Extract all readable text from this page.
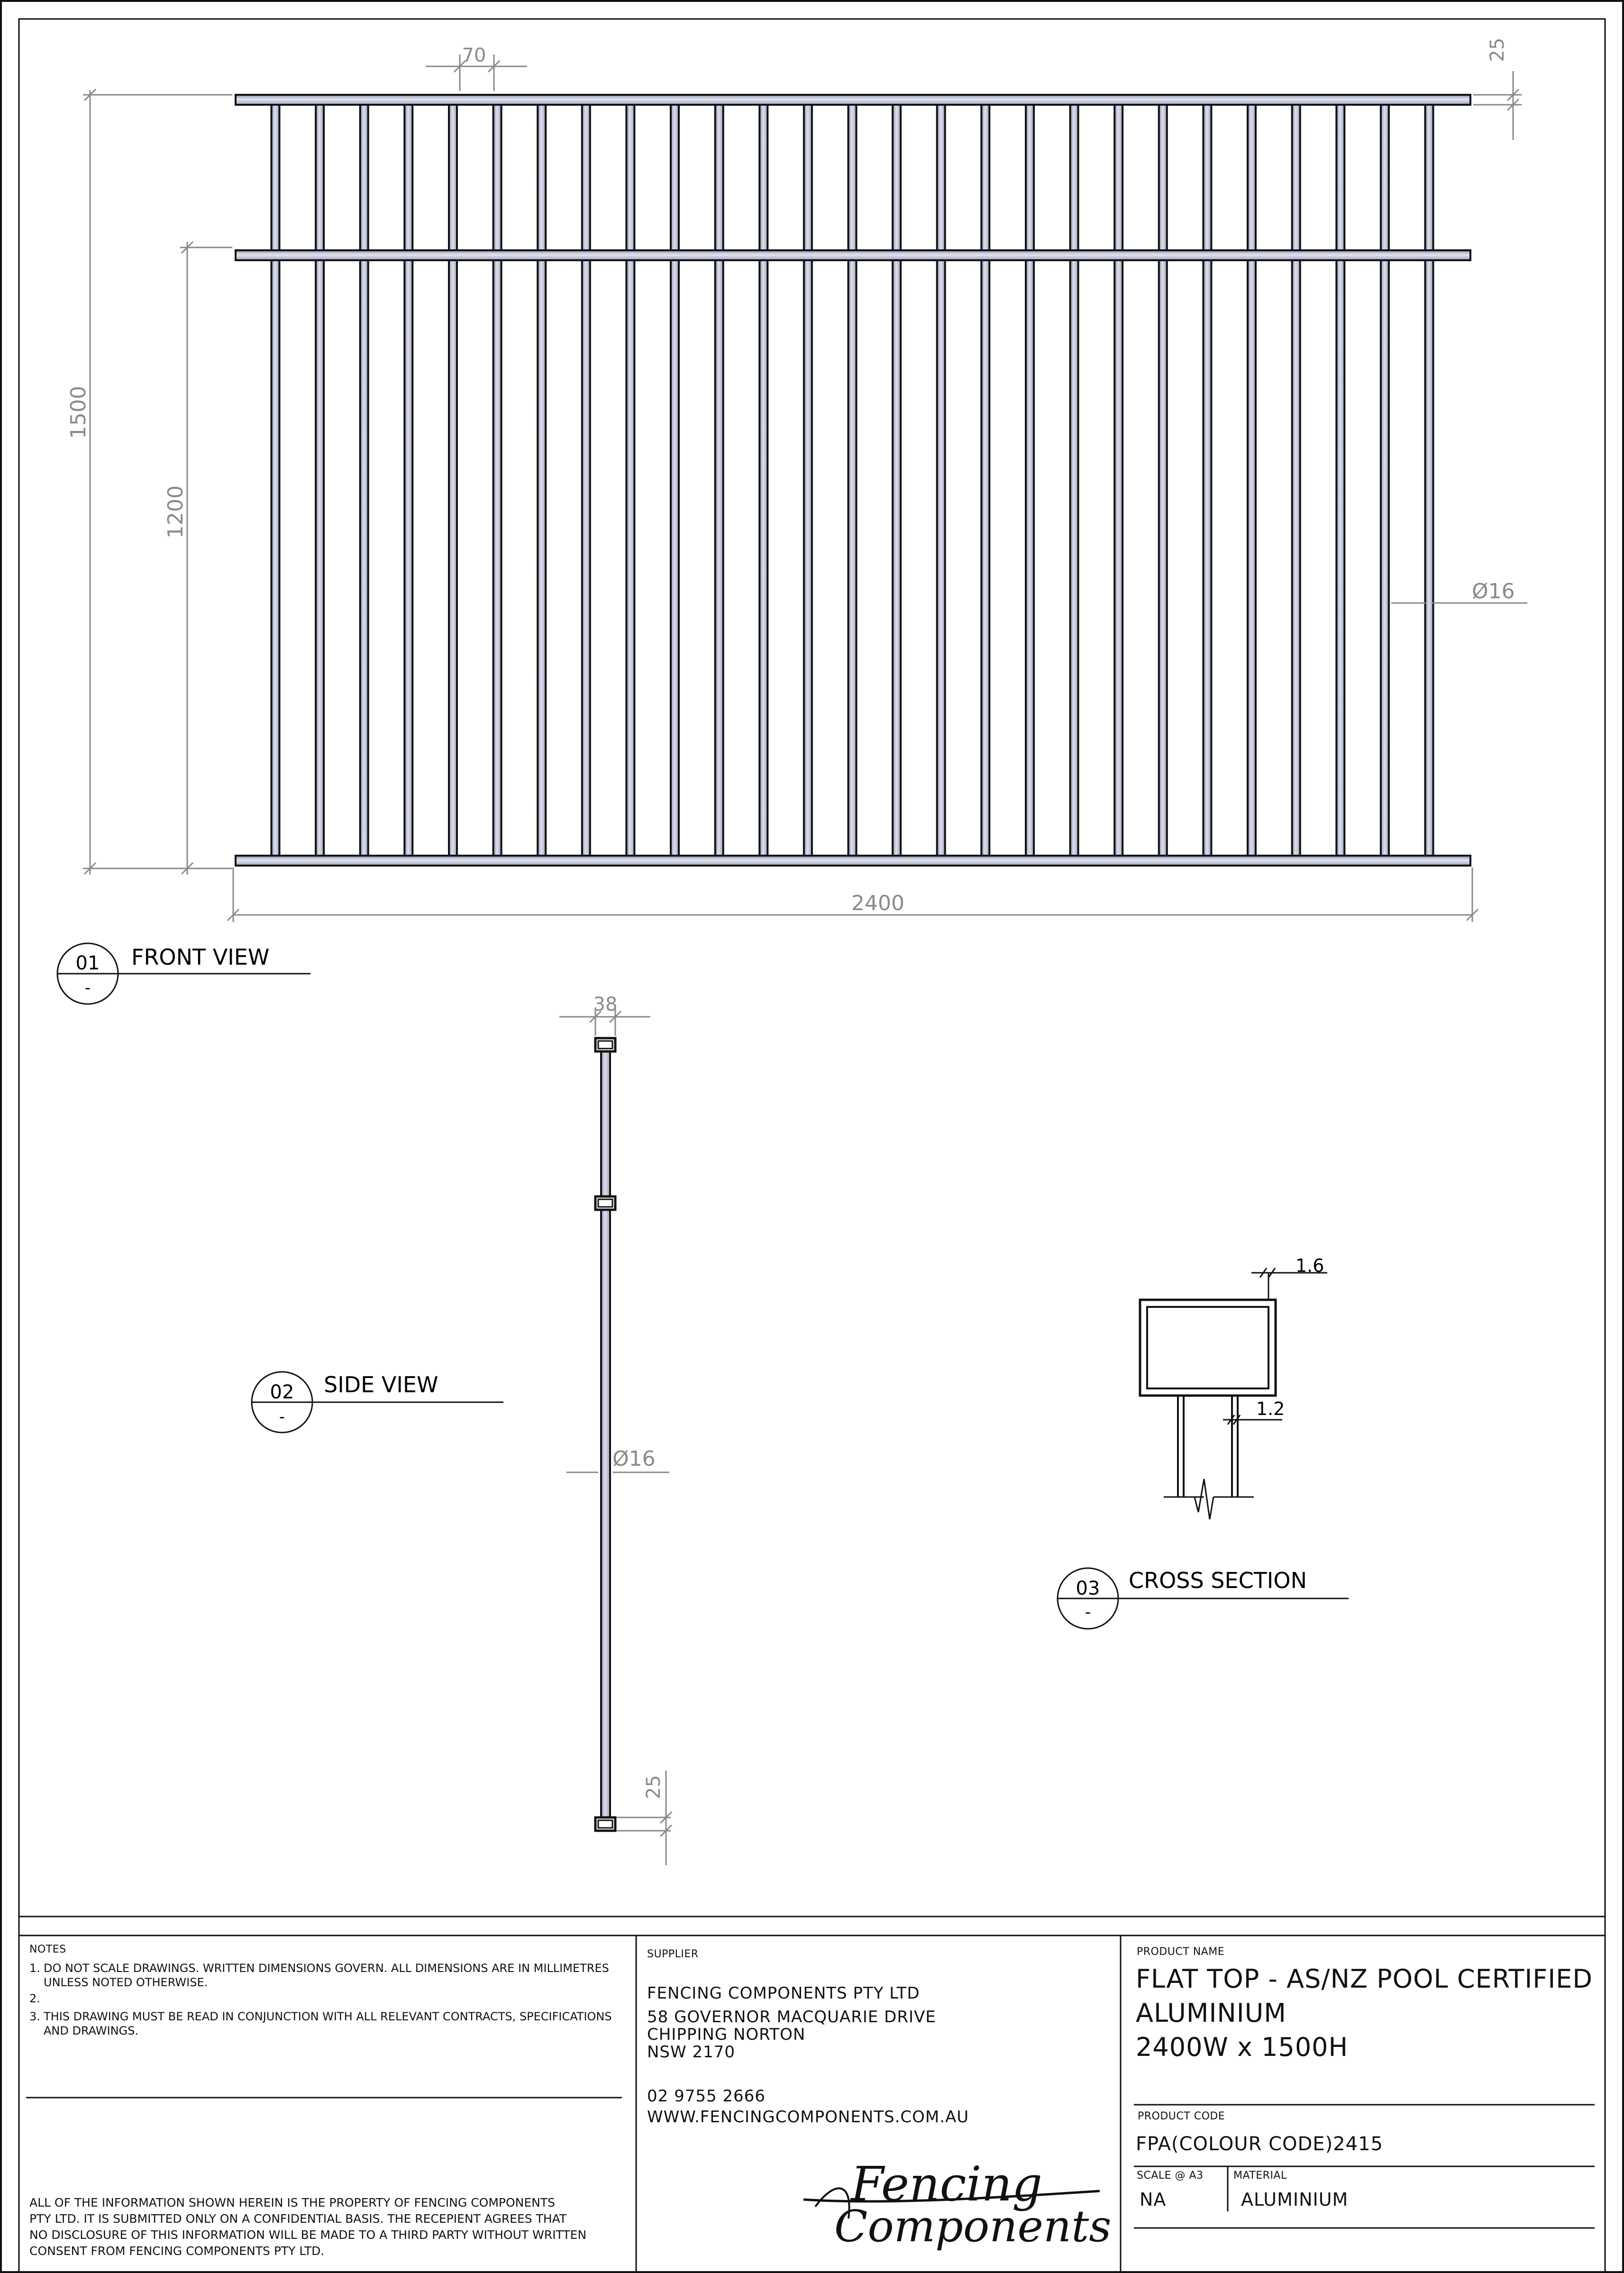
2400
1500
1200
70	25
Ø16
01
-
FRONT VIEW
38
Ø16
25
02
-
SIDE VIEW
1.6
1.2
03
-
CROSS SECTION
Fencing
Components
NOTES
1. DO NOT SCALE DRAWINGS. WRITTEN DIMENSIONS GOVERN. ALL DIMENSIONS ARE IN MILLIMETRES
UNLESS NOTED OTHERWISE.
2.
3. THIS DRAWING MUST BE READ IN CONJUNCTION WITH ALL RELEVANT CONTRACTS, SPECIFICATIONS
AND DRAWINGS.
ALL OF THE INFORMATION SHOWN HEREIN IS THE PROPERTY OF FENCING COMPONENTS
PTY LTD. IT IS SUBMITTED ONLY ON A CONFIDENTIAL BASIS. THE RECEPIENT AGREES THAT
NO DISCLOSURE OF THIS INFORMATION WILL BE MADE TO A THIRD PARTY WITHOUT WRITTEN
CONSENT FROM FENCING COMPONENTS PTY LTD.
SUPPLIER
FENCING COMPONENTS PTY LTD
58 GOVERNOR MACQUARIE DRIVE
CHIPPING NORTON
NSW 2170
02 9755 2666
WWW.FENCINGCOMPONENTS.COM.AU
PRODUCT NAME
FLAT TOP - AS/NZ POOL CERTIFIED
ALUMINIUM
2400W x 1500H
PRODUCT CODE
FPA(COLOUR CODE)2415
SCALE @ A3
NA
MATERIAL
ALUMINIUM
